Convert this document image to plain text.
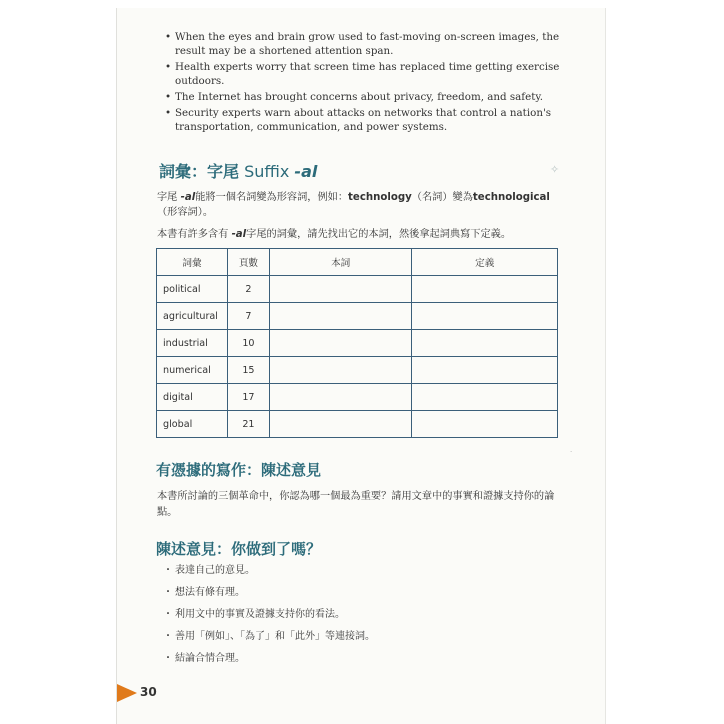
• When the eyes and brain grow used to fast-moving on-screen images, the result may be a shortened attention span.
• Health experts worry that screen time has replaced time getting exercise outdoors.
• The Internet has brought concerns about privacy, freedom, and safety.
• Security experts warn about attacks on networks that control a nation's transportation, communication, and power systems.
詞彙：字尾 Suffix -al	✧
字尾 -al能將一個名詞變為形容詞，例如：technology（名詞）變為technological（形容詞）。
本書有許多含有 -al字尾的詞彙，請先找出它的本詞，然後拿起詞典寫下定義。
詞彙	頁數	本詞	定義
political	2		
agricultural	7		
industrial	10		
numerical	15		
digital	17		
global	21		
·
有憑據的寫作：陳述意見
本書所討論的三個革命中，你認為哪一個最為重要？請用文章中的事實和證據支持你的論點。
陳述意見：你做到了嗎？
・ 表達自己的意見。
・ 想法有條有理。
・ 利用文中的事實及證據支持你的看法。
・ 善用「例如」、「為了」和「此外」等連接詞。
・ 結論合情合理。
30
